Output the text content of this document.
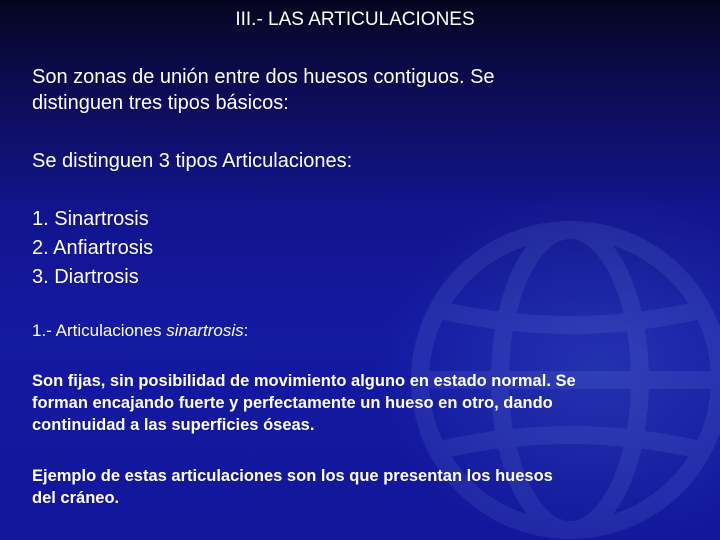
III.- LAS ARTICULACIONES
Son zonas de unión entre dos huesos contiguos. Se
distinguen tres tipos básicos:
Se distinguen 3 tipos Articulaciones:
1. Sinartrosis
2. Anfiartrosis
3. Diartrosis
1.- Articulaciones sinartrosis:
Son fijas, sin posibilidad de movimiento alguno en estado normal. Se
forman encajando fuerte y perfectamente un hueso en otro, dando
continuidad a las superficies óseas.
Ejemplo de estas articulaciones son los que presentan los huesos
del cráneo.
